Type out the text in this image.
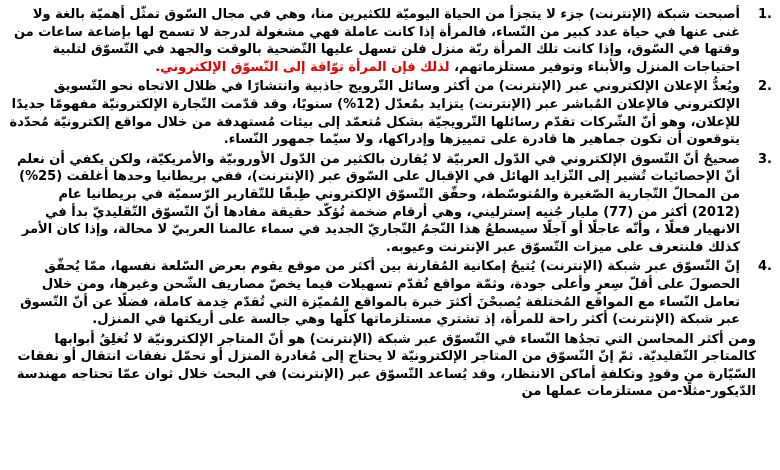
1.
أصبحت شبكة (الإنترنت) جزء لا يتجزأ من الحياة اليوميّة للكثيرين منا، وهي في مجال السّوق تمثّل أهميّة بالغة ولا غنى عنها في حياة عدد كبير من النّساء، فالمرأة إذا كانت عاملة فهي مشغولة لدرجة لا تسمح لها بإضاعة ساعات من وقتها في السّوق، وإذا كانت تلك المرأة ربّة منزل فلن تسهل عليها التّضحية بالوقت والجهد في التّسوّق لتلبية احتياجات المنزل والأبناء وتوفير مستلزماتهم، لذلك فإن المرأة توّاقة إلى التّسوّق الإلكتروني.
2.
ويُعدُّ الإعلان الإلكتروني عبر (الإنترنت) من أكثر وسائل التّرويج جاذبية وانتشارًا في ظلال الاتجاه نحو التّسويق الإلكتروني فالإعلان المُباشر عبر (الإنترنت) يتزايد بمُعدّل (12%) سنويًا، وقد قدّمت التّجارة الإلكترونيّة مفهومًا جديدًا للإعلان، وهو أنّ الشّركات تقدّم رسائلها التّرويجيّة بشكل مُتعمّد إلى بيئات مُستهدفة من خلال مواقع إلكترونيّة مُحدّدة يتوقعون أن تكون جماهير ها قادرة على تمييزها وإدراكها، ولا سيّما جمهور النّساء.
3.
صحيحٌ أنّ التّسوق الإلكتروني في الدّول العربيّة لا يُقارن بالكثير من الدّول الأوروبيّة والأمريكيّة، ولكن يكفي أن نعلم أنّ الإحصائيات تُشير إلى التّزايد الهائل في الإقبال على السّوق عبر (الإنترنت)، ففي بريطانيا وحدها أغلقت (25%) من المحالّ التّجارية الصّغيرة والمُتوسّطة، وحقّق التّسوّق الإلكتروني طِبقًا للتّقارير الرّسميّة في بريطانيا عام (2012) أكثر من (77) مليار جُنيه إسترليني، وهي أرقام ضخمة تُؤكّد حقيقة مفادها أنّ التّسوّق التّقليديّ بدأ في الانهيار فعلًا ، وأنّه عاجلًا أو آجلًا سيسطعُ هذا النّجمُ التّجاريّ الجديد في سماء عالمنا العربيّ لا محالة، وإذا كان الأمر كذلك فلنتعرف على ميزات التّسوّق عبر الإنترنت وعيوبه.
4.
إنّ التّسوّق عبر شبكة (الإنترنت) يُتيحُ إمكانية المُقارنة بين أكثر من موقع يقوم بعرض السّلعة نفسها، ممّا يُحقّق الحصولَ على أقلّ سِعرٍ وأعلى جودة، وثمّة مواقع تُقدّم تسهيلات فيما يخصّ مصاريف الشّحن وغيرها، ومن خلال تعامل النّساء مع المواقع المُختلفة يُصبحْنَ أكثرَ خبرة بالمواقع المُميّزة التي تُقدّم خِدمة كاملة، فضلًا عن أنّ التّسوق عبر شبكة (الإنترنت) أكثر راحة للمرأة، إذ تشتري مستلزماتها كلّها وهي جالسة على أريكتها في المنزل.
ومن أكثر المحاسن التي تجدُها النّساء في التّسوّق عبر شبكة (الإنترنت) هو أنّ المتاجر الإلكترونيّة لا تُغلِقُ أبوابها كالمتاجر التّقليديّة. ثمّ إنّ التّسوّق من المتاجر الإلكترونيّة لا يحتاج إلى مُغادرة المنزل أو تحمّل نفقات انتقال أو نفقات السّيّارة من وقودٍ وتكلفةِ أماكن الانتظار، وقد يُساعد التّسوّق عبر (الإنترنت) في البحث خلال ثوان عمّا تحتاجه مهندسة الدّيكور-مثلًا-من مستلزمات عملها من
